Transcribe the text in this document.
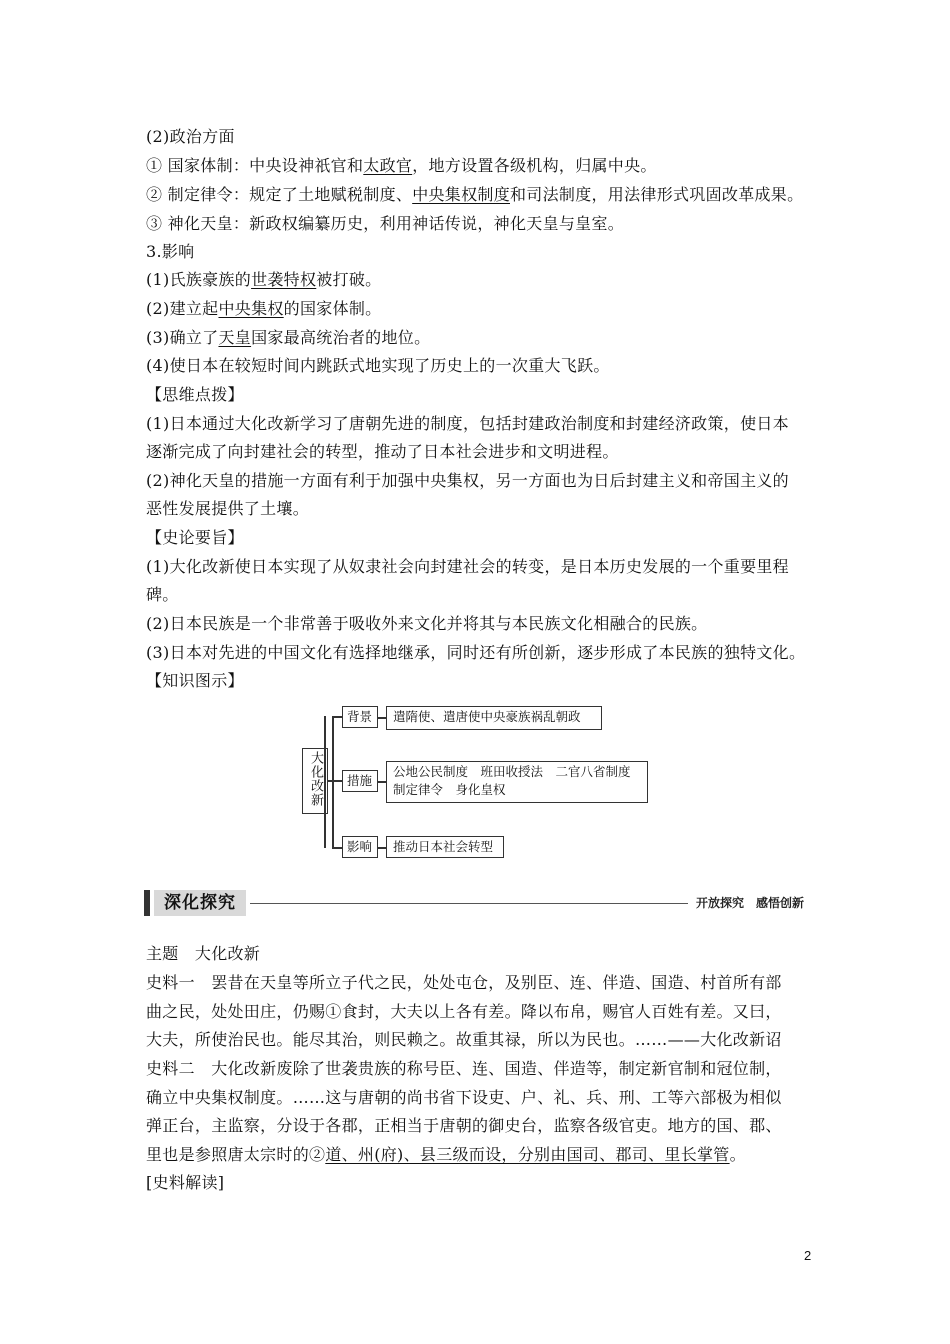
(2)政治方面
① 国家体制：中央设神祇官和太政官，地方设置各级机构，归属中央。
② 制定律令：规定了土地赋税制度、中央集权制度和司法制度，用法律形式巩固改革成果。
③ 神化天皇：新政权编纂历史，利用神话传说，神化天皇与皇室。
3.影响
(1)氏族豪族的世袭特权被打破。
(2)建立起中央集权的国家体制。
(3)确立了天皇国家最高统治者的地位。
(4)使日本在较短时间内跳跃式地实现了历史上的一次重大飞跃。
【思维点拨】
(1)日本通过大化改新学习了唐朝先进的制度，包括封建政治制度和封建经济政策，使日本
逐渐完成了向封建社会的转型，推动了日本社会进步和文明进程。
(2)神化天皇的措施一方面有利于加强中央集权，另一方面也为日后封建主义和帝国主义的
恶性发展提供了土壤。
【史论要旨】
(1)大化改新使日本实现了从奴隶社会向封建社会的转变，是日本历史发展的一个重要里程
碑。
(2)日本民族是一个非常善于吸收外来文化并将其与本民族文化相融合的民族。
(3)日本对先进的中国文化有选择地继承，同时还有所创新，逐步形成了本民族的独特文化。
【知识图示】
大化改新
背景	遣隋使、遣唐使中央豪族祸乱朝政
措施
公地公民制度　班田收授法　二官八省制度
制定律令　身化皇权
影响	推动日本社会转型
深化探究	开放探究　感悟创新
主题　大化改新
史料一　罢昔在天皇等所立子代之民，处处屯仓，及别臣、连、伴造、国造、村首所有部
曲之民，处处田庄，仍赐①食封，大夫以上各有差。降以布帛，赐官人百姓有差。又曰，
大夫，所使治民也。能尽其治，则民赖之。故重其禄，所以为民也。……——大化改新诏
史料二　大化改新废除了世袭贵族的称号臣、连、国造、伴造等，制定新官制和冠位制，
确立中央集权制度。……这与唐朝的尚书省下设吏、户、礼、兵、刑、工等六部极为相似
弹正台，主监察，分设于各郡，正相当于唐朝的御史台，监察各级官吏。地方的国、郡、
里也是参照唐太宗时的②道、州(府)、县三级而设，分别由国司、郡司、里长掌管。
[史料解读]
2
